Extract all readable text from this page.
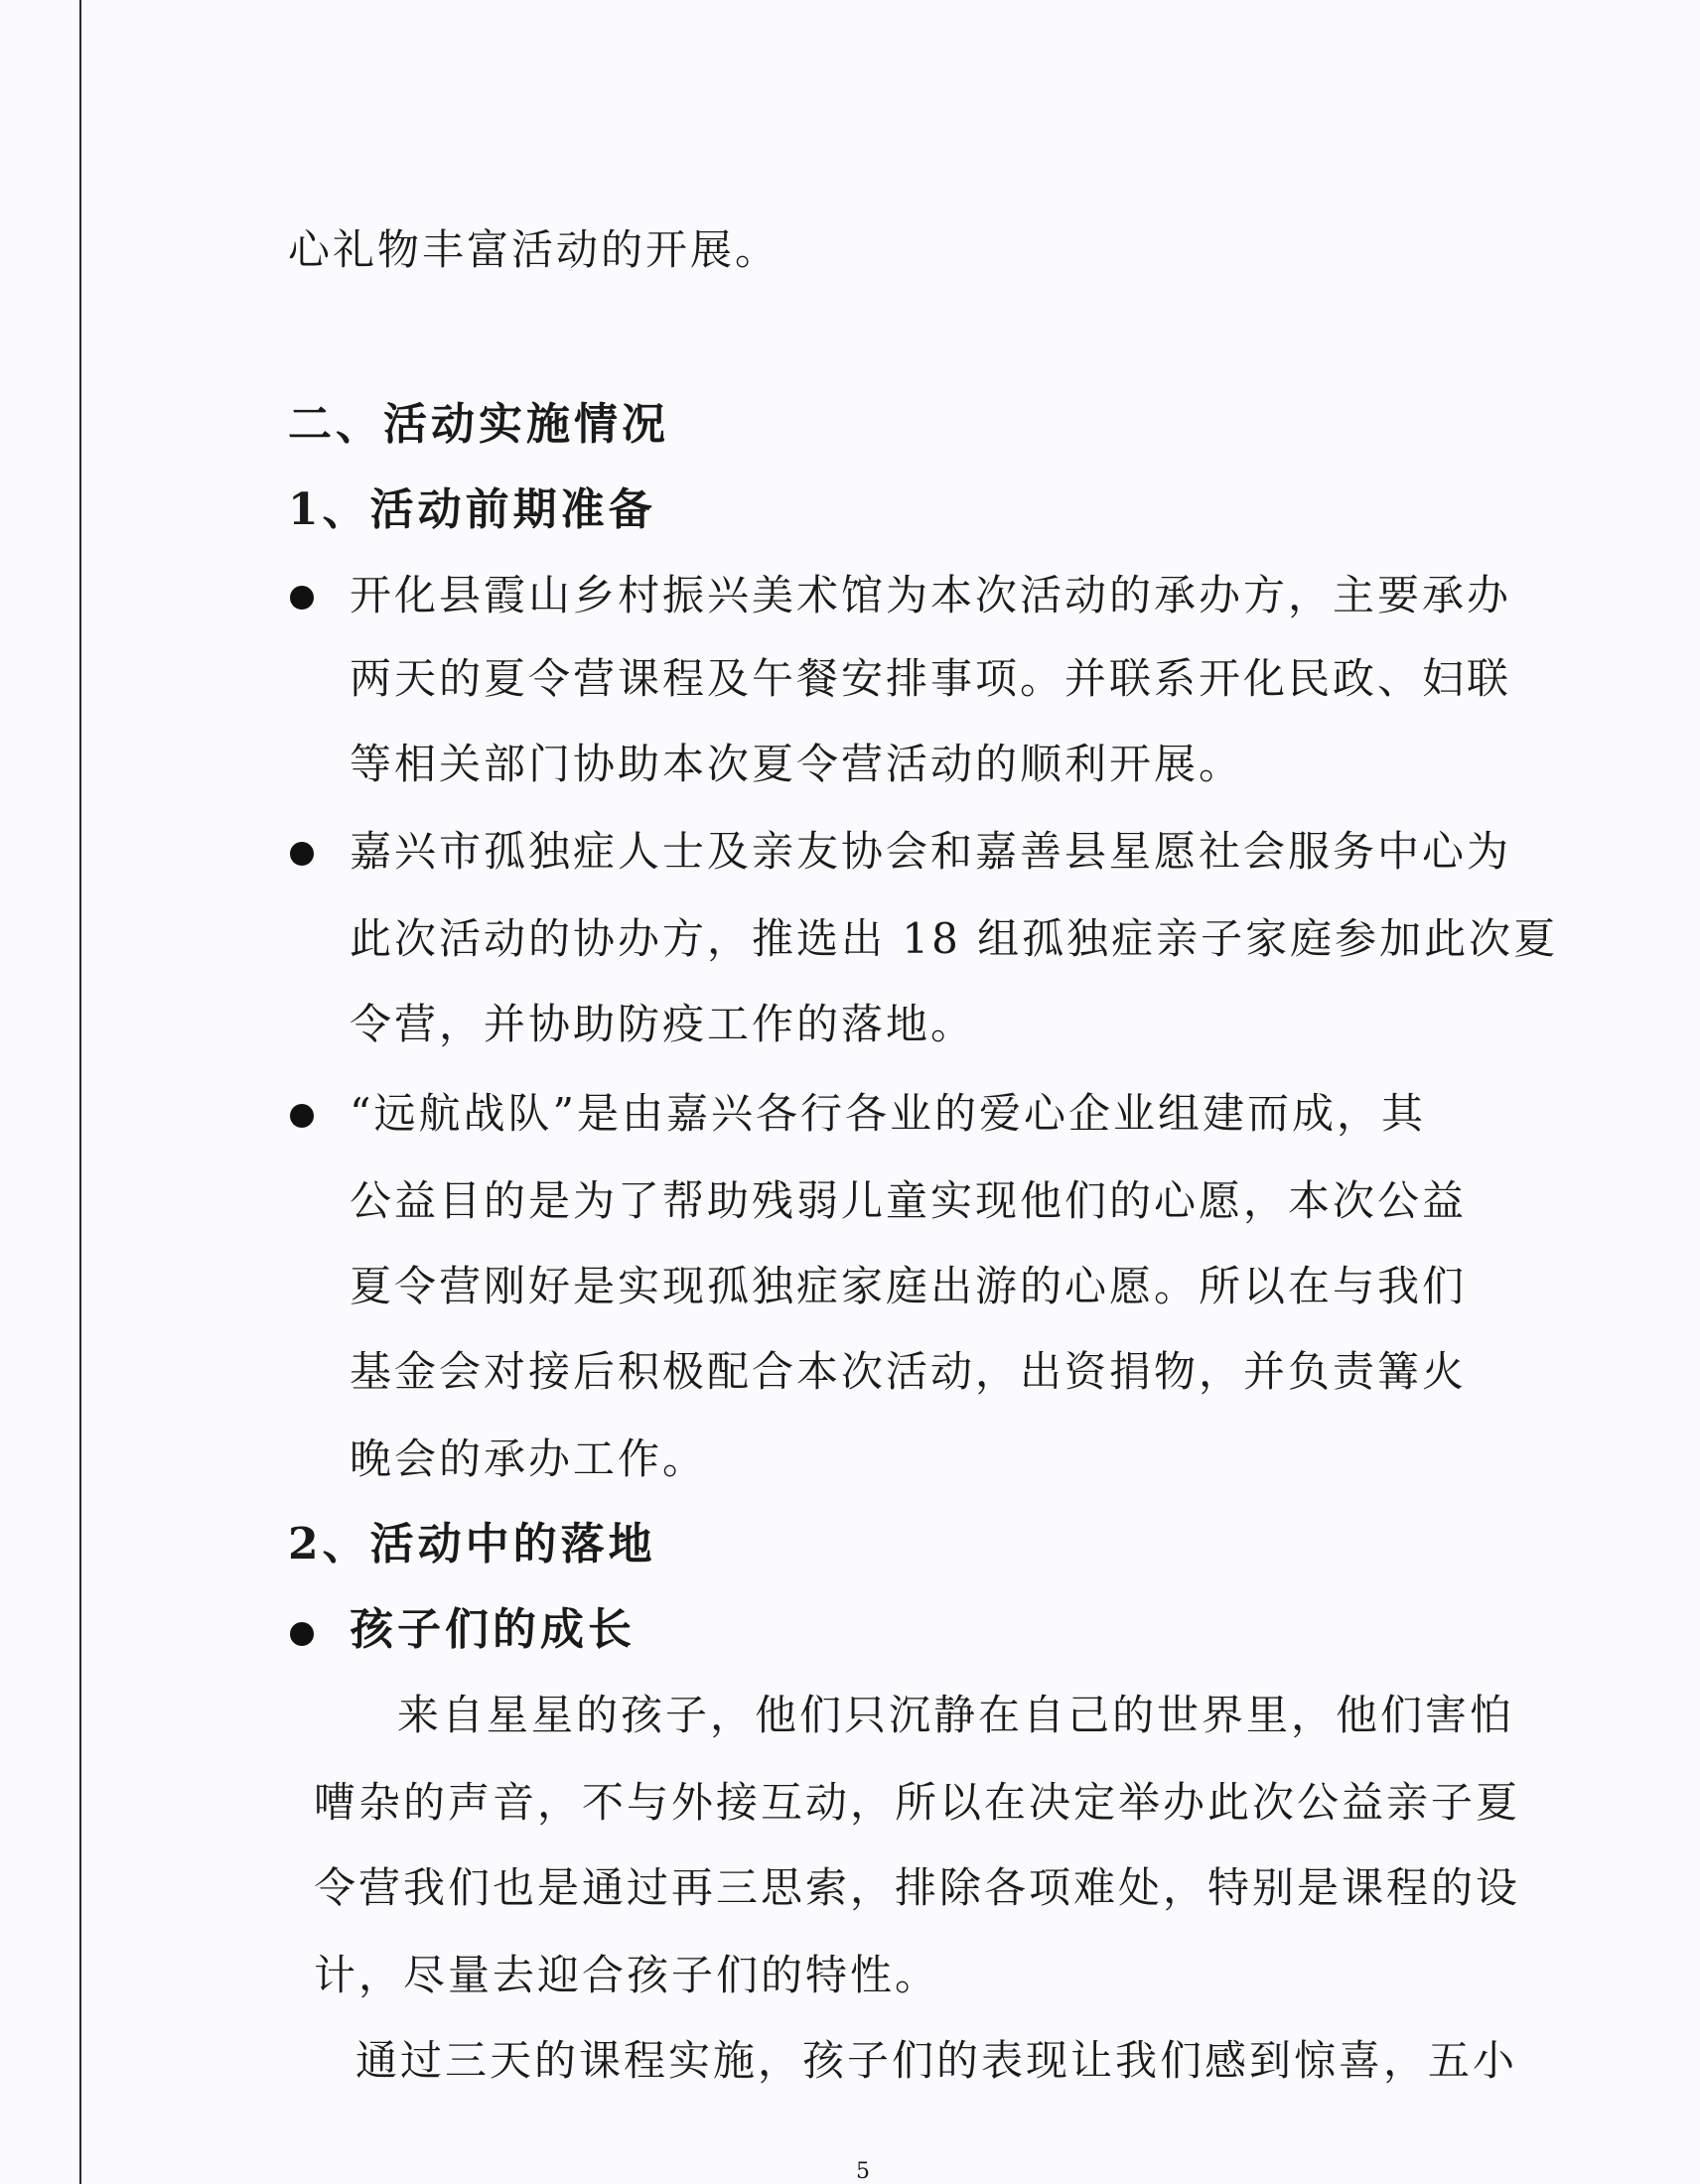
心礼物丰富活动的开展。
二、活动实施情况
1、活动前期准备
开化县霞山乡村振兴美术馆为本次活动的承办方，主要承办
两天的夏令营课程及午餐安排事项。并联系开化民政、妇联
等相关部门协助本次夏令营活动的顺利开展。
嘉兴市孤独症人士及亲友协会和嘉善县星愿社会服务中心为
此次活动的协办方，推选出 18 组孤独症亲子家庭参加此次夏
令营，并协助防疫工作的落地。
“远航战队”是由嘉兴各行各业的爱心企业组建而成，其
公益目的是为了帮助残弱儿童实现他们的心愿，本次公益
夏令营刚好是实现孤独症家庭出游的心愿。所以在与我们
基金会对接后积极配合本次活动，出资捐物，并负责篝火
晚会的承办工作。
2、活动中的落地
孩子们的成长
来自星星的孩子，他们只沉静在自己的世界里，他们害怕
嘈杂的声音，不与外接互动，所以在决定举办此次公益亲子夏
令营我们也是通过再三思索，排除各项难处，特别是课程的设
计，尽量去迎合孩子们的特性。
通过三天的课程实施，孩子们的表现让我们感到惊喜，五小
5
